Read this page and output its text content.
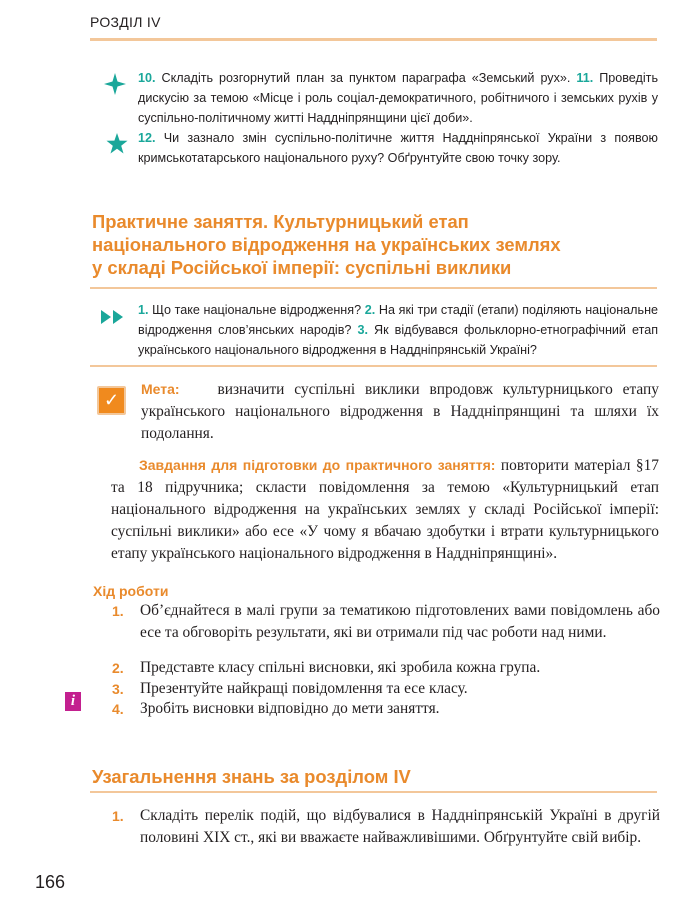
РОЗДІЛ IV
10. Складіть розгорнутий план за пунктом параграфа «Земський рух». 11. Проведіть дискусію за темою «Місце і роль соціал-демократичного, робітничого і земських рухів у суспільно-політичному житті Наддніпрянщини цієї доби».
12. Чи зазнало змін суспільно-політичне життя Наддніпрянської України з появою кримськотатарського національного руху? Обґрунтуйте свою точку зору.
Практичне заняття. Культурницький етап
національного відродження на українських землях
у складі Російської імперії: суспільні виклики
1. Що таке національне відродження? 2. На які три стадії (етапи) поділяють національне відродження слов’янських народів? 3. Як відбувався фольклорно-етнографічний етап українського національного відродження в Наддніпрянській Україні?
✓
Мета: визначити суспільні виклики впродовж культурницького етапу українського національного відродження в Наддніпрянщині та шляхи їх подолання.
Завдання для підготовки до практичного заняття: повторити матеріал §17 та 18 підручника; скласти повідомлення за темою «Культурницький етап національного відродження на українських землях у складі Російської імперії: суспільні виклики» або есе «У чому я вбачаю здобутки і втрати культурницького етапу українського національного відродження в Наддніпрянщині».
Хід роботи
1. Об’єднайтеся в малі групи за тематикою підготовлених вами повідомлень або есе та обговоріть результати, які ви отримали під час роботи над ними.
2. Представте класу спільні висновки, які зробила кожна група.
3. Презентуйте найкращі повідомлення та есе класу.
4. Зробіть висновки відповідно до мети заняття.
i
Узагальнення знань за розділом IV
1. Складіть перелік подій, що відбувалися в Наддніпрянській Україні в другій половині XIX ст., які ви вважаєте найважливішими. Обґрунтуйте свій вибір.
166
